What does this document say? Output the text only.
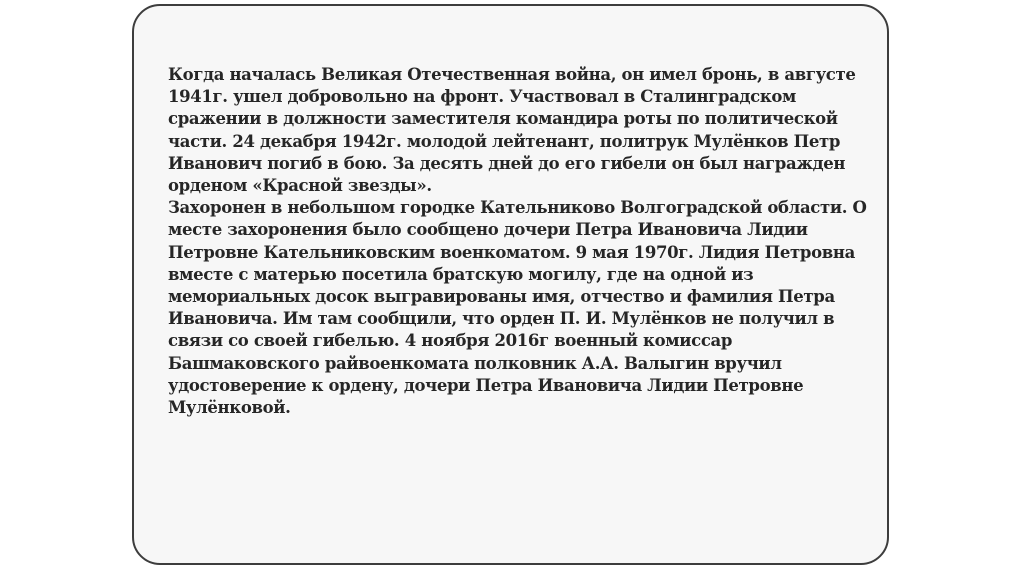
Когда началась Великая Отечественная война, он имел бронь, в августе
1941г. ушел добровольно на фронт. Участвовал в Сталинградском
сражении в должности заместителя командира роты по политической
части. 24 декабря 1942г. молодой лейтенант, политрук Мулёнков Петр
Иванович погиб в бою. За десять дней до его гибели он был награжден
орденом «Красной звезды».
Захоронен в небольшом городке Кательниково Волгоградской области. О
месте захоронения было сообщено дочери Петра Ивановича Лидии
Петровне Кательниковским военкоматом. 9 мая 1970г. Лидия Петровна
вместе с матерью посетила братскую могилу, где на одной из
мемориальных досок выгравированы имя, отчество и фамилия Петра
Ивановича. Им там сообщили, что орден П. И. Мулёнков не получил в
связи со своей гибелью. 4 ноября 2016г военный комиссар
Башмаковского райвоенкомата полковник А.А. Валыгин вручил
удостоверение к ордену, дочери Петра Ивановича Лидии Петровне
Мулёнковой.
